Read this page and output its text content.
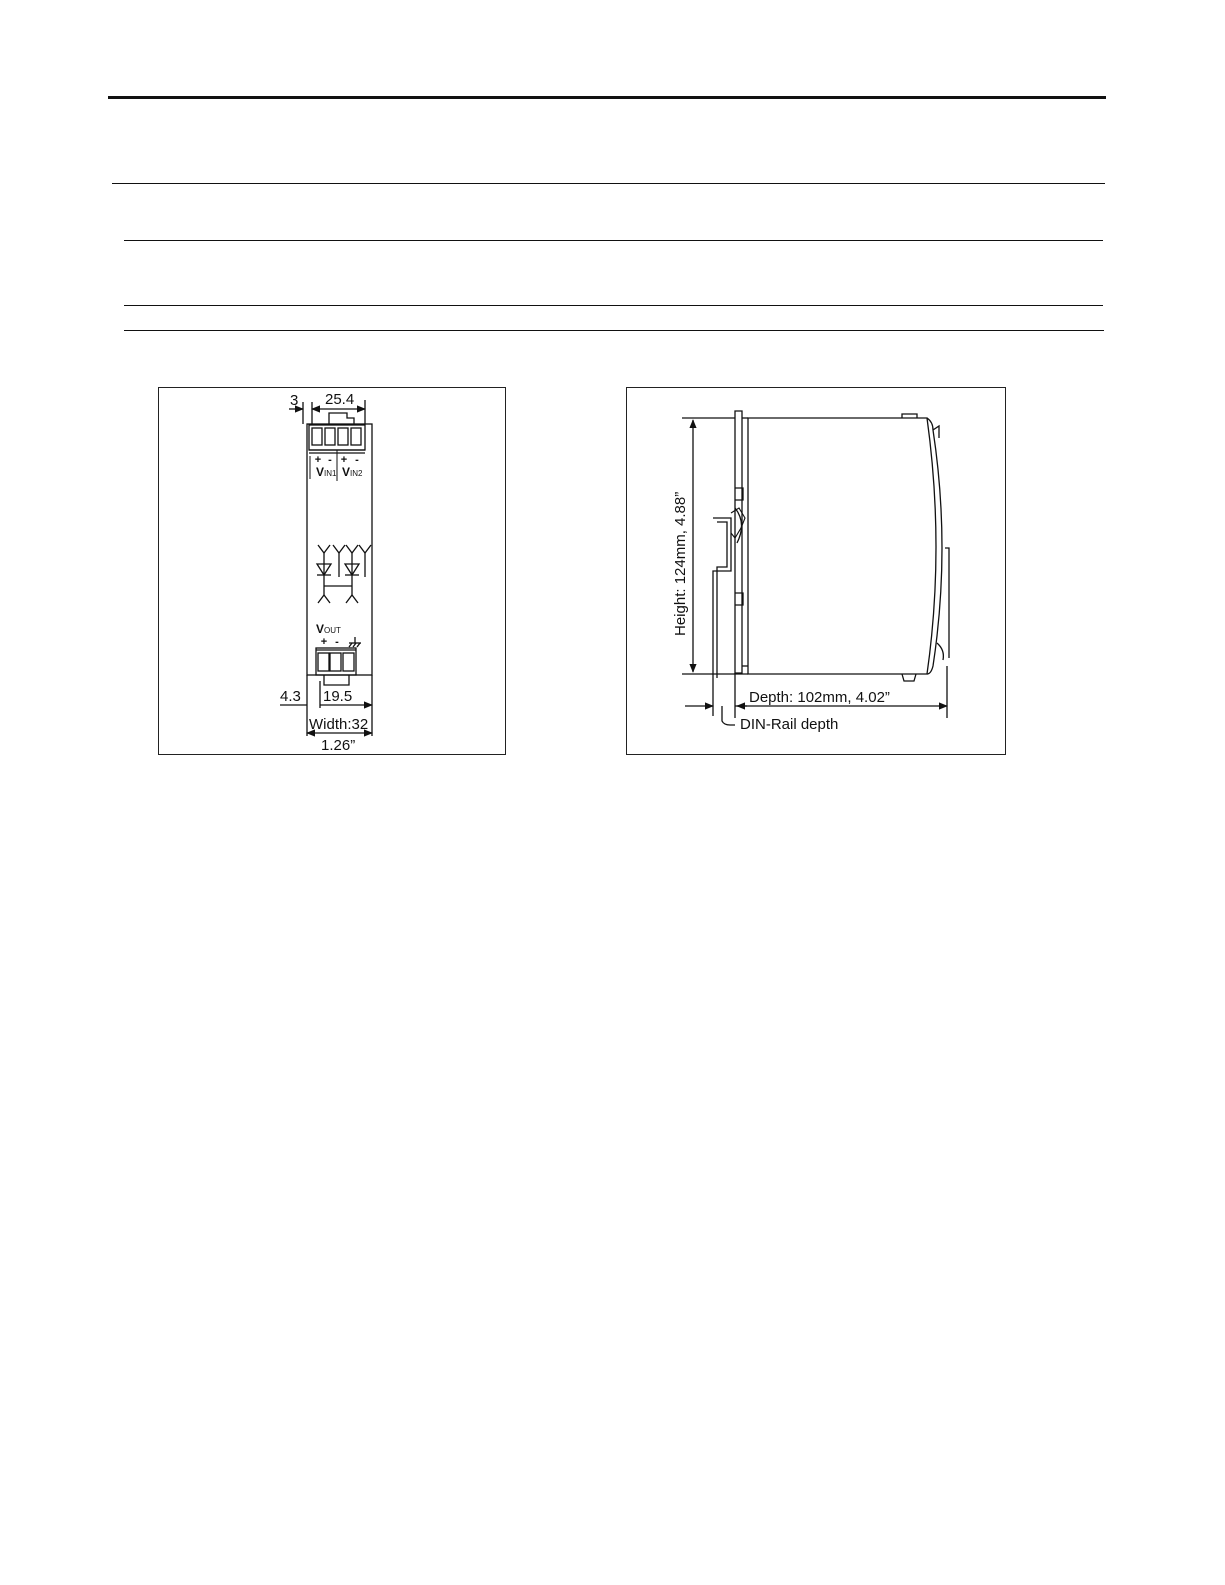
3 25.4
+ - + -
VIN1 VIN2
VOUT
+ -
4.3 19.5
Width:32
1.26”
Height: 124mm, 4.88”
Depth: 102mm, 4.02”
DIN-Rail depth
